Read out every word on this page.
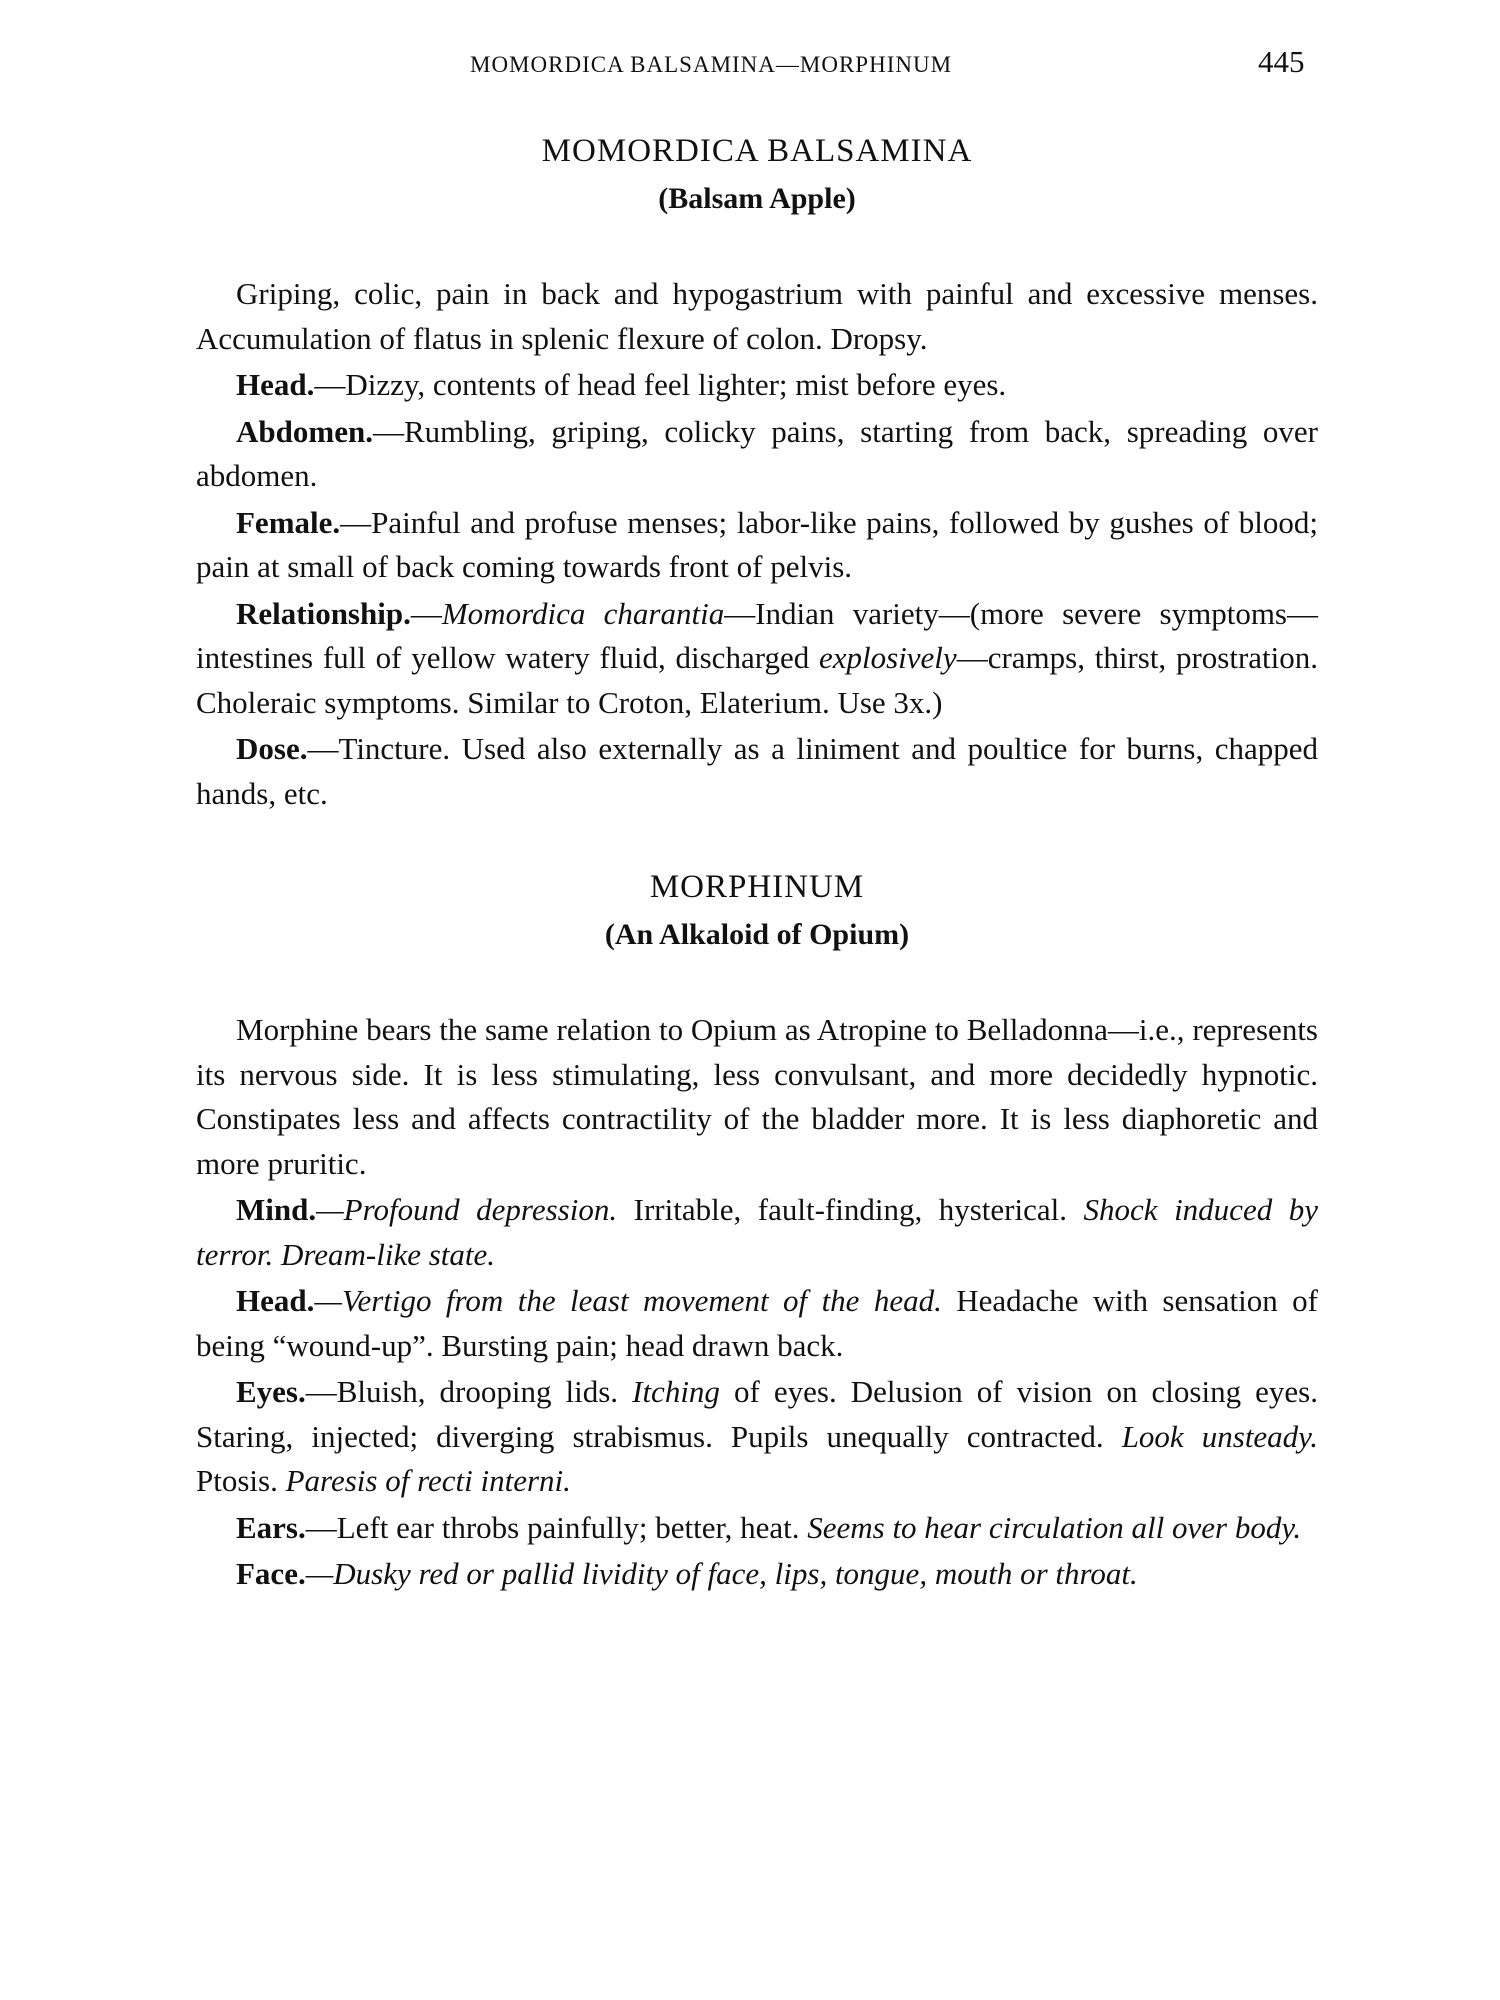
MOMORDICA BALSAMINA—MORPHINUM	445

MOMORDICA BALSAMINA

(Balsam Apple)

Griping, colic, pain in back and hypogastrium with painful and excessive menses. Accumulation of flatus in splenic flexure of colon. Dropsy.

Head.—Dizzy, contents of head feel lighter; mist before eyes.

Abdomen.—Rumbling, griping, colicky pains, starting from back, spreading over abdomen.

Female.—Painful and profuse menses; labor-like pains, followed by gushes of blood; pain at small of back coming towards front of pelvis.

Relationship.—Momordica charantia—Indian variety—(more severe symptoms—intestines full of yellow watery fluid, discharged explosively—cramps, thirst, prostration. Choleraic symptoms. Similar to Croton, Elaterium. Use 3x.)

Dose.—Tincture. Used also externally as a liniment and poultice for burns, chapped hands, etc.

MORPHINUM

(An Alkaloid of Opium)

Morphine bears the same relation to Opium as Atropine to Belladonna—i.e., represents its nervous side. It is less stimulating, less convulsant, and more decidedly hypnotic. Constipates less and affects contractility of the bladder more. It is less diaphoretic and more pruritic.

Mind.—Profound depression. Irritable, fault-finding, hysterical. Shock induced by terror. Dream-like state.

Head.—Vertigo from the least movement of the head. Headache with sensation of being “wound-up”. Bursting pain; head drawn back.

Eyes.—Bluish, drooping lids. Itching of eyes. Delusion of vision on closing eyes. Staring, injected; diverging strabismus. Pupils unequally contracted. Look unsteady. Ptosis. Paresis of recti interni.

Ears.—Left ear throbs painfully; better, heat. Seems to hear circulation all over body.

Face.—Dusky red or pallid lividity of face, lips, tongue, mouth or throat.
